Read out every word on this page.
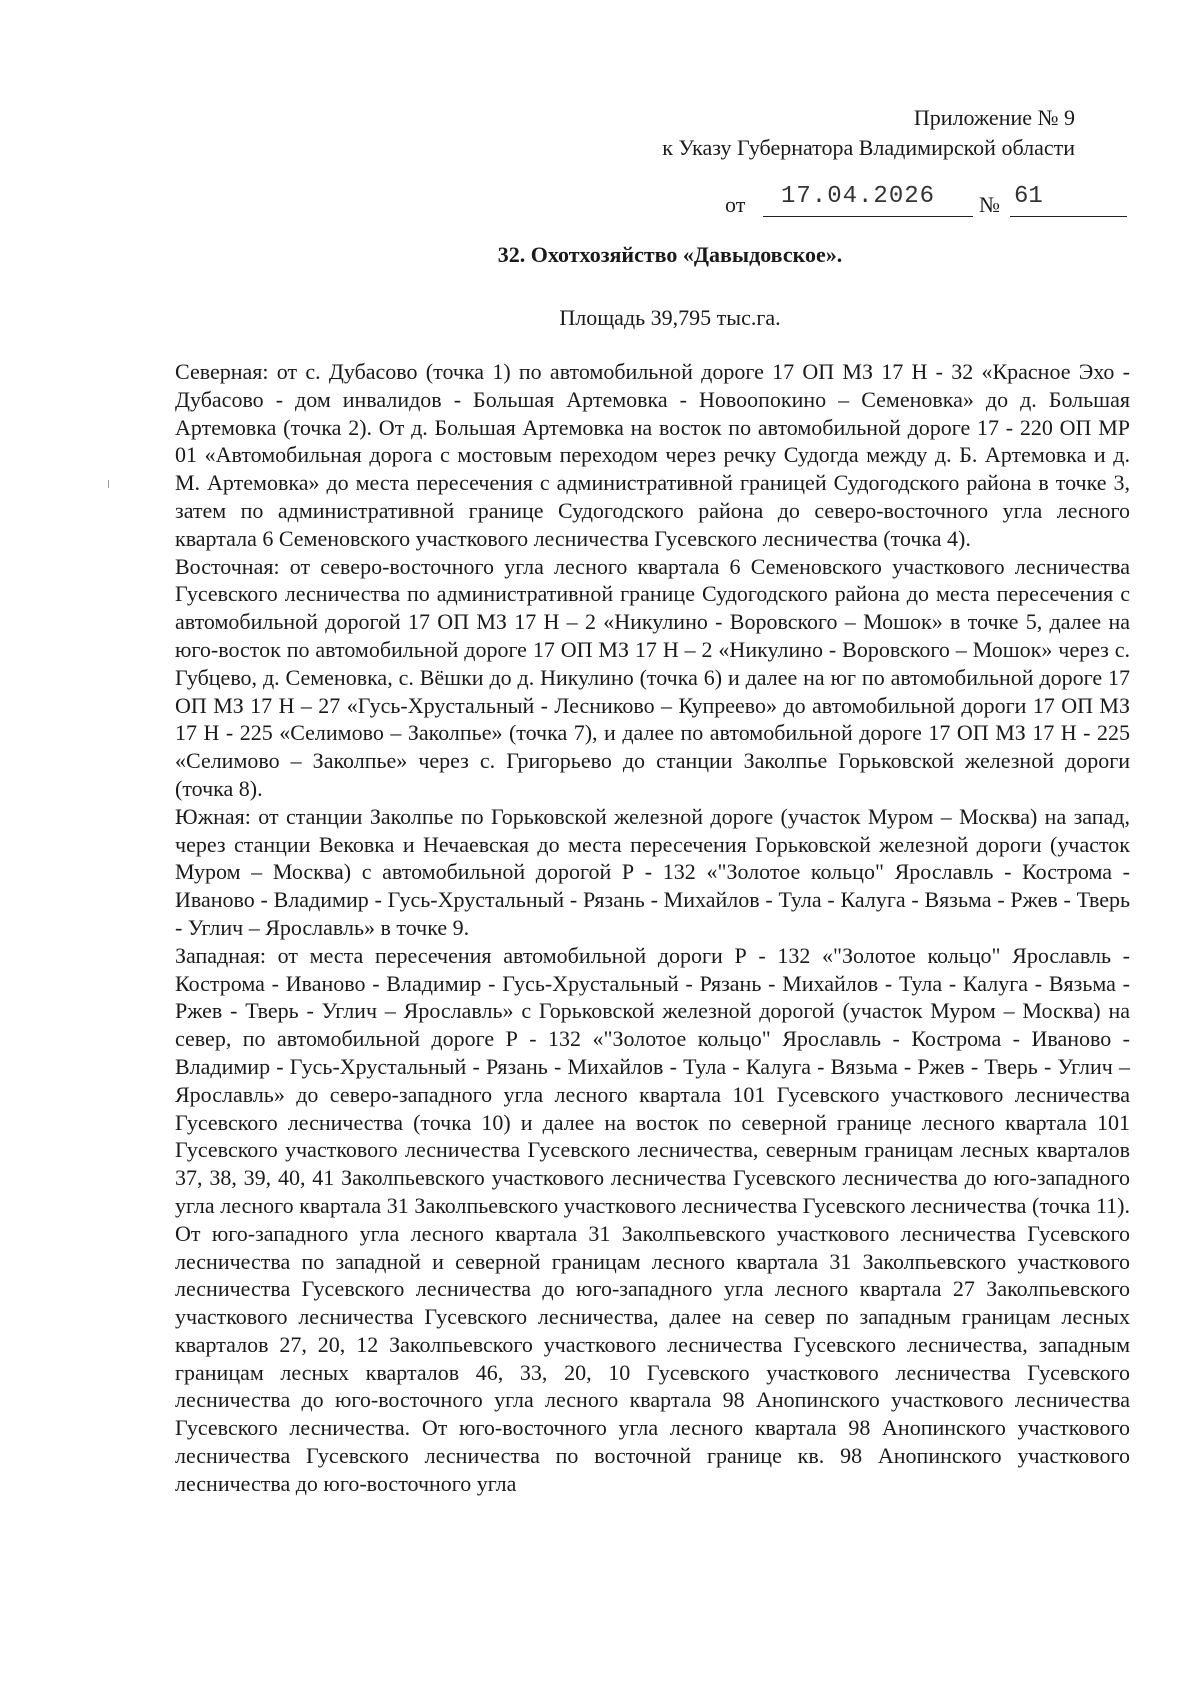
Приложение № 9
к Указу Губернатора Владимирской области
от 17.04.2026 № 61
32. Охотхозяйство «Давыдовское».
Площадь 39,795 тыс.га.

Северная: от с. Дубасово (точка 1) по автомобильной дороге 17 ОП МЗ 17 Н - 32 «Красное Эхо - Дубасово - дом инвалидов - Большая Артемовка - Новоопокино – Семеновка» до д. Большая Артемовка (точка 2). От д. Большая Артемовка на восток по автомобильной дороге 17 - 220 ОП МР 01 «Автомобильная дорога с мостовым переходом через речку Судогда между д. Б. Артемовка и д. М. Артемовка» до места пересечения с административной границей Судогодского района в точке 3, затем по административной границе Судогодского района до северо-восточного угла лесного квартала 6 Семеновского участкового лесничества Гусевского лесничества (точка 4).

Восточная: от северо-восточного угла лесного квартала 6 Семеновского участкового лесничества Гусевского лесничества по административной границе Судогодского района до места пересечения с автомобильной дорогой 17 ОП МЗ 17 Н – 2 «Никулино - Воровского – Мошок» в точке 5, далее на юго-восток по автомобильной дороге 17 ОП МЗ 17 Н – 2 «Никулино - Воровского – Мошок» через с. Губцево, д. Семеновка, с. Вёшки до д. Никулино (точка 6) и далее на юг по автомобильной дороге 17 ОП МЗ 17 Н – 27 «Гусь-Хрустальный - Лесниково – Купреево» до автомобильной дороги 17 ОП МЗ 17 Н - 225 «Селимово – Заколпье» (точка 7), и далее по автомобильной дороге 17 ОП МЗ 17 Н - 225 «Селимово – Заколпье» через с. Григорьево до станции Заколпье Горьковской железной дороги (точка 8).

Южная: от станции Заколпье по Горьковской железной дороге (участок Муром – Москва) на запад, через станции Вековка и Нечаевская до места пересечения Горьковской железной дороги (участок Муром – Москва) с автомобильной дорогой Р - 132 «"Золотое кольцо" Ярославль - Кострома - Иваново - Владимир - Гусь-Хрустальный - Рязань - Михайлов - Тула - Калуга - Вязьма - Ржев - Тверь - Углич – Ярославль» в точке 9.

Западная: от места пересечения автомобильной дороги Р - 132 «"Золотое кольцо" Ярославль - Кострома - Иваново - Владимир - Гусь-Хрустальный - Рязань - Михайлов - Тула - Калуга - Вязьма - Ржев - Тверь - Углич – Ярославль» с Горьковской железной дорогой (участок Муром – Москва) на север, по автомобильной дороге Р - 132 «"Золотое кольцо" Ярославль - Кострома - Иваново - Владимир - Гусь-Хрустальный - Рязань - Михайлов - Тула - Калуга - Вязьма - Ржев - Тверь - Углич – Ярославль» до северо-западного угла лесного квартала 101 Гусевского участкового лесничества Гусевского лесничества (точка 10) и далее на восток по северной границе лесного квартала 101 Гусевского участкового лесничества Гусевского лесничества, северным границам лесных кварталов 37, 38, 39, 40, 41 Заколпьевского участкового лесничества Гусевского лесничества до юго-западного угла лесного квартала 31 Заколпьевского участкового лесничества Гусевского лесничества (точка 11). От юго-западного угла лесного квартала 31 Заколпьевского участкового лесничества Гусевского лесничества по западной и северной границам лесного квартала 31 Заколпьевского участкового лесничества Гусевского лесничества до юго-западного угла лесного квартала 27 Заколпьевского участкового лесничества Гусевского лесничества, далее на север по западным границам лесных кварталов 27, 20, 12 Заколпьевского участкового лесничества Гусевского лесничества, западным границам лесных кварталов 46, 33, 20, 10 Гусевского участкового лесничества Гусевского лесничества до юго-восточного угла лесного квартала 98 Анопинского участкового лесничества Гусевского лесничества. От юго-восточного угла лесного квартала 98 Анопинского участкового лесничества Гусевского лесничества по восточной границе кв. 98 Анопинского участкового лесничества до юго-восточного угла
